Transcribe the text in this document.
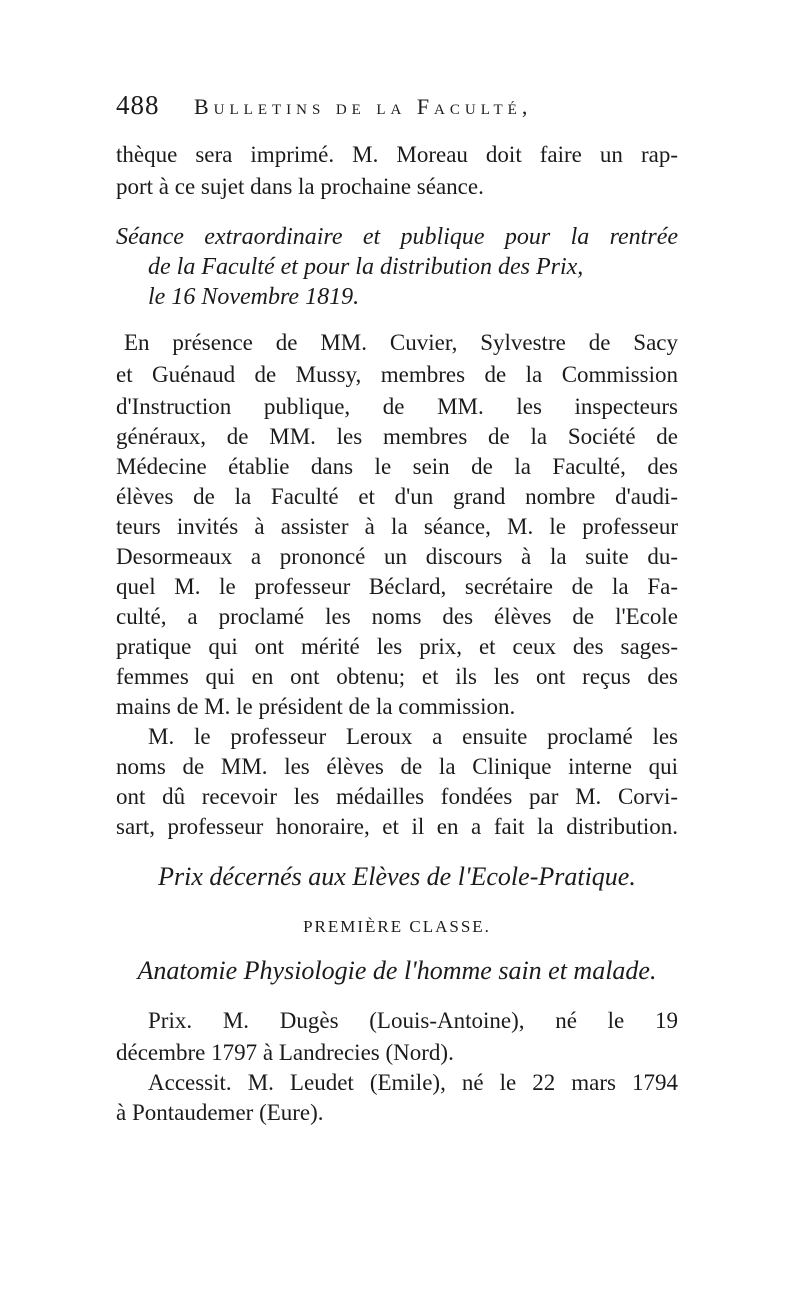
488 Bulletins de la Faculté,
thèque sera imprimé. M. Moreau doit faire un rap-
port à ce sujet dans la prochaine séance.
Séance extraordinaire et publique pour la rentrée
de la Faculté et pour la distribution des Prix,
le 16 Novembre 1819.
En présence de MM. Cuvier, Sylvestre de Sacy
et Guénaud de Mussy, membres de la Commission
d'Instruction publique, de MM. les inspecteurs
généraux, de MM. les membres de la Société de
Médecine établie dans le sein de la Faculté, des
élèves de la Faculté et d'un grand nombre d'audi-
teurs invités à assister à la séance, M. le professeur
Desormeaux a prononcé un discours à la suite du-
quel M. le professeur Béclard, secrétaire de la Fa-
culté, a proclamé les noms des élèves de l'Ecole
pratique qui ont mérité les prix, et ceux des sages-
femmes qui en ont obtenu; et ils les ont reçus des
mains de M. le président de la commission.
M. le professeur Leroux a ensuite proclamé les
noms de MM. les élèves de la Clinique interne qui
ont dû recevoir les médailles fondées par M. Corvi-
sart, professeur honoraire, et il en a fait la distribution.
Prix décernés aux Elèves de l'Ecole-Pratique.
PREMIÈRE CLASSE.
Anatomie Physiologie de l'homme sain et malade.
Prix. M. Dugès (Louis-Antoine), né le 19
décembre 1797 à Landrecies (Nord).
Accessit. M. Leudet (Emile), né le 22 mars 1794
à Pontaudemer (Eure).
